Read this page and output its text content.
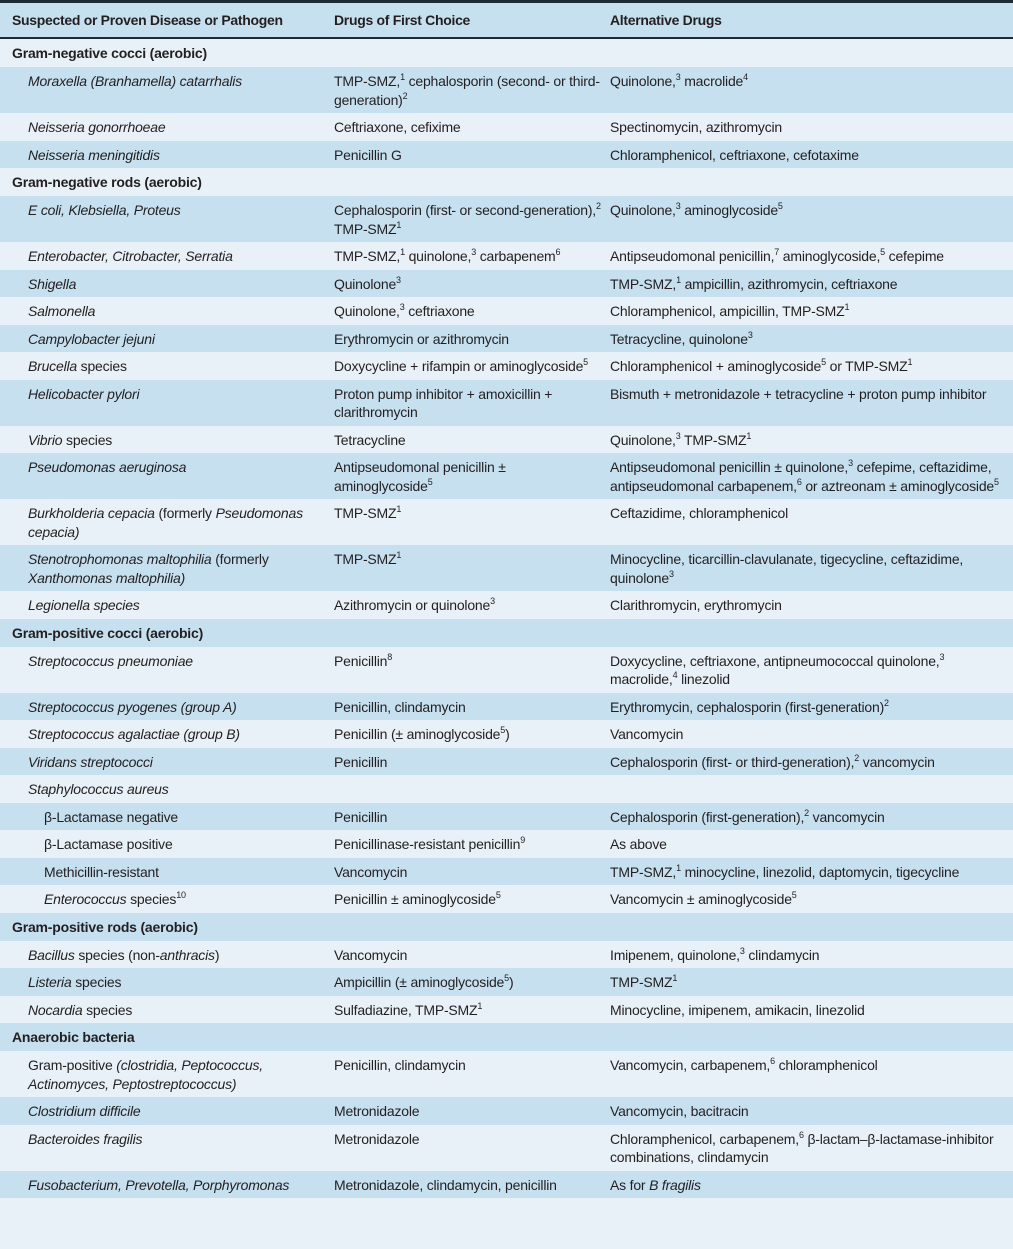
Suspected or Proven Disease or Pathogen	Drugs of First Choice	Alternative Drugs
Gram-negative cocci (aerobic)		
Moraxella (Branhamella) catarrhalis	TMP-SMZ,$^1$ cephalosporin (second- or third-generation)$^2$	Quinolone,$^3$ macrolide$^4$
Neisseria gonorrhoeae	Ceftriaxone, cefixime	Spectinomycin, azithromycin
Neisseria meningitidis	Penicillin G	Chloramphenicol, ceftriaxone, cefotaxime
Gram-negative rods (aerobic)		
E coli, Klebsiella, Proteus	Cephalosporin (first- or second-generation),$^2$ TMP-SMZ$^1$	Quinolone,$^3$ aminoglycoside$^5$
Enterobacter, Citrobacter, Serratia	TMP-SMZ,$^1$ quinolone,$^3$ carbapenem$^6$	Antipseudomonal penicillin,$^7$ aminoglycoside,$^5$ cefepime
Shigella	Quinolone$^3$	TMP-SMZ,$^1$ ampicillin, azithromycin, ceftriaxone
Salmonella	Quinolone,$^3$ ceftriaxone	Chloramphenicol, ampicillin, TMP-SMZ$^1$
Campylobacter jejuni	Erythromycin or azithromycin	Tetracycline, quinolone$^3$
Brucella species	Doxycycline + rifampin or aminoglycoside$^5$	Chloramphenicol + aminoglycoside$^5$ or TMP-SMZ$^1$
Helicobacter pylori	Proton pump inhibitor + amoxicillin + clarithromycin	Bismuth + metronidazole + tetracycline + proton pump inhibitor
Vibrio species	Tetracycline	Quinolone,$^3$ TMP-SMZ$^1$
Pseudomonas aeruginosa	Antipseudomonal penicillin ± aminoglycoside$^5$	Antipseudomonal penicillin ± quinolone,$^3$ cefepime, ceftazidime, antipseudomonal carbapenem,$^6$ or aztreonam ± aminoglycoside$^5$
Burkholderia cepacia (formerly Pseudomonas cepacia)	TMP-SMZ$^1$	Ceftazidime, chloramphenicol
Stenotrophomonas maltophilia (formerly Xanthomonas maltophilia)	TMP-SMZ$^1$	Minocycline, ticarcillin-clavulanate, tigecycline, ceftazidime, quinolone$^3$
Legionella species	Azithromycin or quinolone$^3$	Clarithromycin, erythromycin
Gram-positive cocci (aerobic)		
Streptococcus pneumoniae	Penicillin$^8$	Doxycycline, ceftriaxone, antipneumococcal quinolone,$^3$ macrolide,$^4$ linezolid
Streptococcus pyogenes (group A)	Penicillin, clindamycin	Erythromycin, cephalosporin (first-generation)$^2$
Streptococcus agalactiae (group B)	Penicillin (± aminoglycoside$^5$)	Vancomycin
Viridans streptococci	Penicillin	Cephalosporin (first- or third-generation),$^2$ vancomycin
Staphylococcus aureus		
β-Lactamase negative	Penicillin	Cephalosporin (first-generation),$^2$ vancomycin
β-Lactamase positive	Penicillinase-resistant penicillin$^9$	As above
Methicillin-resistant	Vancomycin	TMP-SMZ,$^1$ minocycline, linezolid, daptomycin, tigecycline
Enterococcus species$^{10}$	Penicillin ± aminoglycoside$^5$	Vancomycin ± aminoglycoside$^5$
Gram-positive rods (aerobic)		
Bacillus species (non-anthracis)	Vancomycin	Imipenem, quinolone,$^3$ clindamycin
Listeria species	Ampicillin (± aminoglycoside$^5$)	TMP-SMZ$^1$
Nocardia species	Sulfadiazine, TMP-SMZ$^1$	Minocycline, imipenem, amikacin, linezolid
Anaerobic bacteria		
Gram-positive (clostridia, Peptococcus, Actinomyces, Peptostreptococcus)	Penicillin, clindamycin	Vancomycin, carbapenem,$^6$ chloramphenicol
Clostridium difficile	Metronidazole	Vancomycin, bacitracin
Bacteroides fragilis	Metronidazole	Chloramphenicol, carbapenem,$^6$ β-lactam–β-lactamase-inhibitor combinations, clindamycin
Fusobacterium, Prevotella, Porphyromonas	Metronidazole, clindamycin, penicillin	As for B fragilis
